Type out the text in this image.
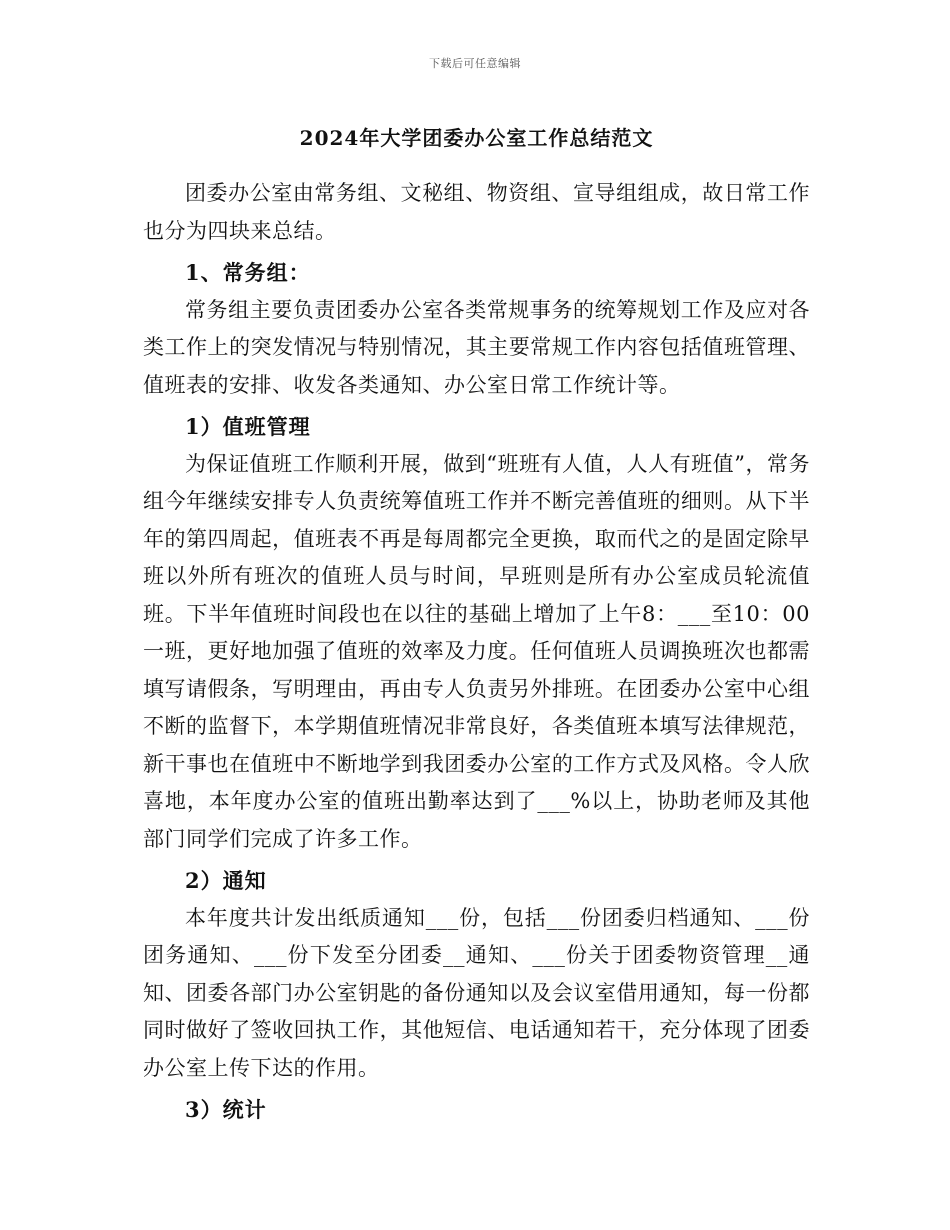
下载后可任意编辑
2024年大学团委办公室工作总结范文

团委办公室由常务组、文秘组、物资组、宣导组组成，故日常工作也分为四块来总结。

1、常务组：

常务组主要负责团委办公室各类常规事务的统筹规划工作及应对各类工作上的突发情况与特别情况，其主要常规工作内容包括值班管理、值班表的安排、收发各类通知、办公室日常工作统计等。

1）值班管理

为保证值班工作顺利开展，做到“班班有人值，人人有班值”，常务组今年继续安排专人负责统筹值班工作并不断完善值班的细则。从下半年的第四周起，值班表不再是每周都完全更换，取而代之的是固定除早班以外所有班次的值班人员与时间，早班则是所有办公室成员轮流值班。下半年值班时间段也在以往的基础上增加了上午8：___至10：00一班，更好地加强了值班的效率及力度。任何值班人员调换班次也都需填写请假条，写明理由，再由专人负责另外排班。在团委办公室中心组不断的监督下，本学期值班情况非常良好，各类值班本填写法律规范，新干事也在值班中不断地学到我团委办公室的工作方式及风格。令人欣喜地，本年度办公室的值班出勤率达到了___%以上，协助老师及其他部门同学们完成了许多工作。

2）通知

本年度共计发出纸质通知___份，包括___份团委归档通知、___份团务通知、___份下发至分团委__通知、___份关于团委物资管理__通知、团委各部门办公室钥匙的备份通知以及会议室借用通知，每一份都同时做好了签收回执工作，其他短信、电话通知若干，充分体现了团委办公室上传下达的作用。

3）统计
